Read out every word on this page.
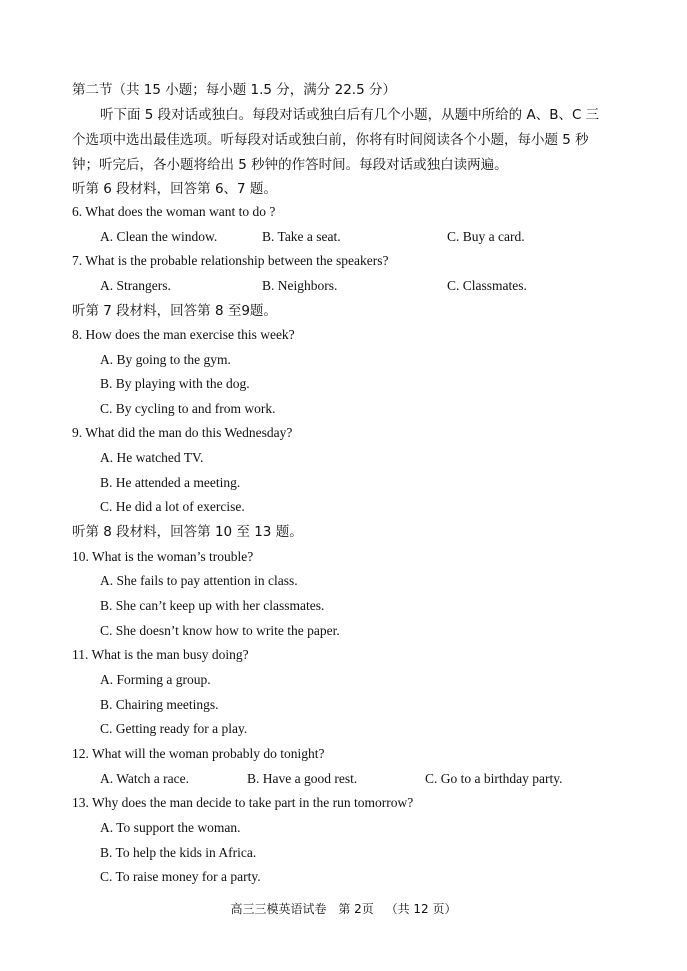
第二节（共 15 小题；每小题 1.5 分，满分 22.5 分）
听下面 5 段对话或独白。每段对话或独白后有几个小题，从题中所给的 A、B、C 三
个选项中选出最佳选项。听每段对话或独白前，你将有时间阅读各个小题，每小题 5 秒
钟；听完后，各小题将给出 5 秒钟的作答时间。每段对话或独白读两遍。
听第 6 段材料，回答第 6、7 题。
6. What does the woman want to do ?
A. Clean the window.	B. Take a seat.	C. Buy a card.
7. What is the probable relationship between the speakers?
A. Strangers.	B. Neighbors.	C. Classmates.
听第 7 段材料，回答第 8 至9题。
8. How does the man exercise this week?
A. By going to the gym.
B. By playing with the dog.
C. By cycling to and from work.
9. What did the man do this Wednesday?
A. He watched TV.
B. He attended a meeting.
C. He did a lot of exercise.
听第 8 段材料，回答第 10 至 13 题。
10. What is the woman’s trouble?
A. She fails to pay attention in class.
B. She can’t keep up with her classmates.
C. She doesn’t know how to write the paper.
11. What is the man busy doing?
A. Forming a group.
B. Chairing meetings.
C. Getting ready for a play.
12. What will the woman probably do tonight?
A. Watch a race.	B. Have a good rest.	C. Go to a birthday party.
13. Why does the man decide to take part in the run tomorrow?
A. To support the woman.
B. To help the kids in Africa.
C. To raise money for a party.
高三三模英语试卷 第 2页 （共 12 页）
